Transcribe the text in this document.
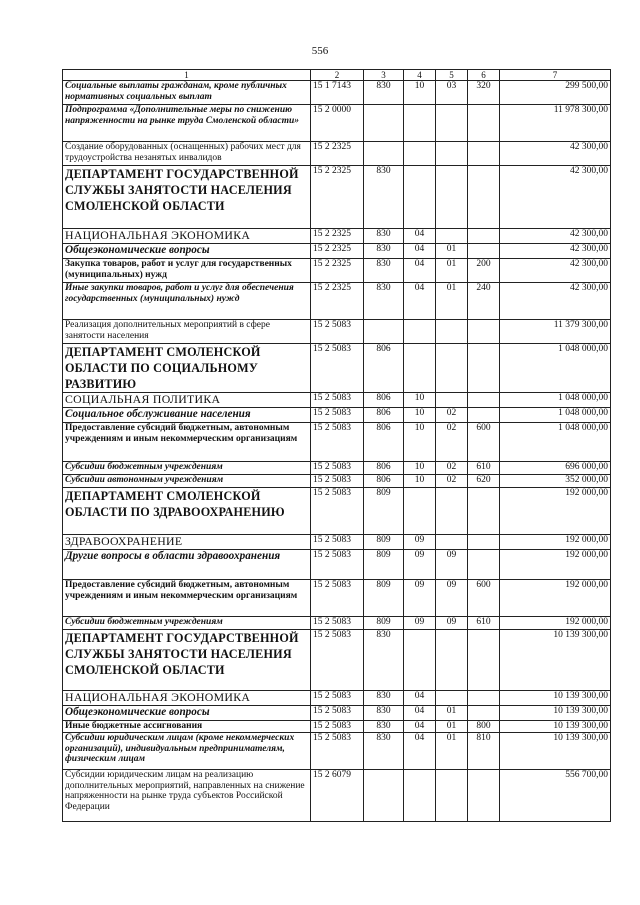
556
1	2	3	4	5	6	7
Социальные выплаты гражданам, кроме публичных нормативных социальных выплат	15 1 7143	830	10	03	320	299 500,00
Подпрограмма «Дополнительные меры по снижению напряженности на рынке труда Смоленской области»	15 2 0000					11 978 300,00
Создание оборудованных (оснащенных) рабочих мест для трудоустройства незанятых инвалидов	15 2 2325					42 300,00
ДЕПАРТАМЕНТ ГОСУДАРСТВЕННОЙ СЛУЖБЫ ЗАНЯТОСТИ НАСЕЛЕНИЯ СМОЛЕНСКОЙ ОБЛАСТИ	15 2 2325	830				42 300,00
НАЦИОНАЛЬНАЯ ЭКОНОМИКА	15 2 2325	830	04			42 300,00
Общеэкономические вопросы	15 2 2325	830	04	01		42 300,00
Закупка товаров, работ и услуг для государственных (муниципальных) нужд	15 2 2325	830	04	01	200	42 300,00
Иные закупки товаров, работ и услуг для обеспечения государственных (муниципальных) нужд	15 2 2325	830	04	01	240	42 300,00
Реализация дополнительных мероприятий в сфере занятости населения	15 2 5083					11 379 300,00
ДЕПАРТАМЕНТ СМОЛЕНСКОЙ ОБЛАСТИ ПО СОЦИАЛЬНОМУ РАЗВИТИЮ	15 2 5083	806				1 048 000,00
СОЦИАЛЬНАЯ ПОЛИТИКА	15 2 5083	806	10			1 048 000,00
Социальное обслуживание населения	15 2 5083	806	10	02		1 048 000,00
Предоставление субсидий бюджетным, автономным учреждениям и иным некоммерческим организациям	15 2 5083	806	10	02	600	1 048 000,00
Субсидии бюджетным учреждениям	15 2 5083	806	10	02	610	696 000,00
Субсидии автономным учреждениям	15 2 5083	806	10	02	620	352 000,00
ДЕПАРТАМЕНТ СМОЛЕНСКОЙ ОБЛАСТИ ПО ЗДРАВООХРАНЕНИЮ	15 2 5083	809				192 000,00
ЗДРАВООХРАНЕНИЕ	15 2 5083	809	09			192 000,00
Другие вопросы в области здравоохранения	15 2 5083	809	09	09		192 000,00
Предоставление субсидий бюджетным, автономным учреждениям и иным некоммерческим организациям	15 2 5083	809	09	09	600	192 000,00
Субсидии бюджетным учреждениям	15 2 5083	809	09	09	610	192 000,00
ДЕПАРТАМЕНТ ГОСУДАРСТВЕННОЙ СЛУЖБЫ ЗАНЯТОСТИ НАСЕЛЕНИЯ СМОЛЕНСКОЙ ОБЛАСТИ	15 2 5083	830				10 139 300,00
НАЦИОНАЛЬНАЯ ЭКОНОМИКА	15 2 5083	830	04			10 139 300,00
Общеэкономические вопросы	15 2 5083	830	04	01		10 139 300,00
Иные бюджетные ассигнования	15 2 5083	830	04	01	800	10 139 300,00
Субсидии юридическим лицам (кроме некоммерческих организаций), индивидуальным предпринимателям, физическим лицам	15 2 5083	830	04	01	810	10 139 300,00
Субсидии юридическим лицам на реализацию дополнительных мероприятий, направленных на снижение напряженности на рынке труда субъектов Российской Федерации	15 2 6079					556 700,00
